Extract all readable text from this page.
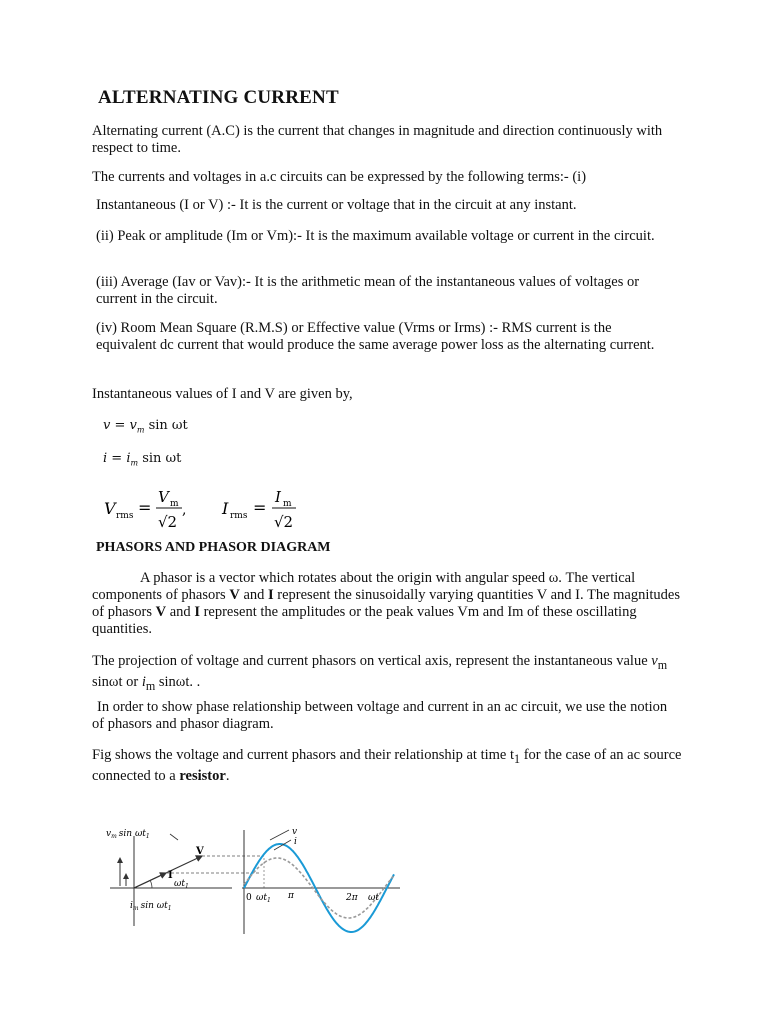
ALTERNATING CURRENT

Alternating current (A.C) is the current that changes in magnitude and direction continuously with respect to time.

The currents and voltages in a.c circuits can be expressed by the following terms:- (i)

Instantaneous (I or V) :- It is the current or voltage that in the circuit at any instant.

(ii) Peak or amplitude (Im or Vm):- It is the maximum available voltage or current in the circuit.

(iii) Average (Iav or Vav):- It is the arithmetic mean of the instantaneous values of voltages or current in the circuit.

(iv) Room Mean Square (R.M.S) or Effective value (Vrms or Irms) :- RMS current is the equivalent dc current that would produce the same average power loss as the alternating current.

Instantaneous values of I and V are given by,

$v = v_m$ sin ωt
$i = i_m$ sin ωt
V rms =
V m
√2
, I rms =
I m
√2
PHASORS AND PHASOR DIAGRAM

A phasor is a vector which rotates about the origin with angular speed ω. The vertical components of phasors V and I represent the sinusoidally varying quantities V and I. The magnitudes of phasors V and I represent the amplitudes or the peak values Vm and Im of these oscillating quantities.

The projection of voltage and current phasors on vertical axis, represent the instantaneous value $v_m$ sinωt or $i_m$ sinωt. .

In order to show phase relationship between voltage and current in an ac circuit, we use the notion of phasors and phasor diagram.

Fig shows the voltage and current phasors and their relationship at time $t_1$ for the case of an ac source connected to a resistor.

$v_m$ $\sin \omega t_1$
V
I
$\omega t_1$
$i_m$ $\sin \omega t_1$
v
i
0 $\omega t_1$ π	2π ωt
